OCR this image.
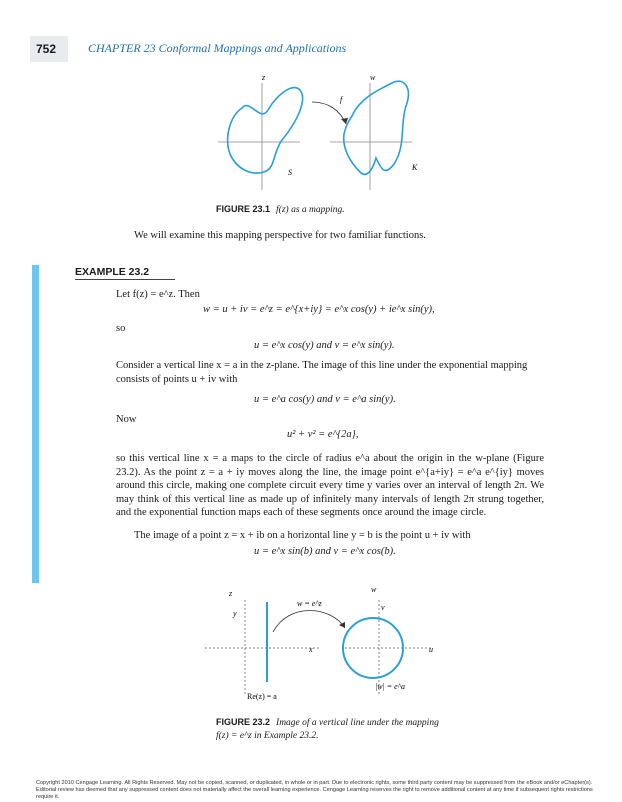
752	CHAPTER 23 Conformal Mappings and Applications
z	w
f
S
K
FIGURE 23.1 f(z) as a mapping.
We will examine this mapping perspective for two familiar functions.
EXAMPLE 23.2
Let f(z) = e^z. Then
w = u + iv = e^z = e^{x+iy} = e^x cos(y) + ie^x sin(y),
so
u = e^x cos(y) and v = e^x sin(y).
Consider a vertical line x = a in the z-plane. The image of this line under the exponential mapping consists of points u + iv with
u = e^a cos(y) and v = e^a sin(y).
Now
u² + v² = e^{2a},
so this vertical line x = a maps to the circle of radius e^a about the origin in the w-plane (Figure 23.2). As the point z = a + iy moves along the line, the image point e^{a+iy} = e^a e^{iy} moves around this circle, making one complete circuit every time y varies over an interval of length 2π. We may think of this vertical line as made up of infinitely many intervals of length 2π strung together, and the exponential function maps each of these segments once around the image circle.
The image of a point z = x + ib on a horizontal line y = b is the point u + iv with
u = e^x sin(b) and v = e^x cos(b).
z
y
x
w = e^z
w
v
u
Re(z) = a
|w| = e^a
FIGURE 23.2 Image of a vertical line under the mapping f(z) = e^z in Example 23.2.
Copyright 2010 Cengage Learning. All Rights Reserved. May not be copied, scanned, or duplicated, in whole or in part. Due to electronic rights, some third party content may be suppressed from the eBook and/or eChapter(s).
Editorial review has deemed that any suppressed content does not materially affect the overall learning experience. Cengage Learning reserves the right to remove additional content at any time if subsequent rights restrictions require it.
